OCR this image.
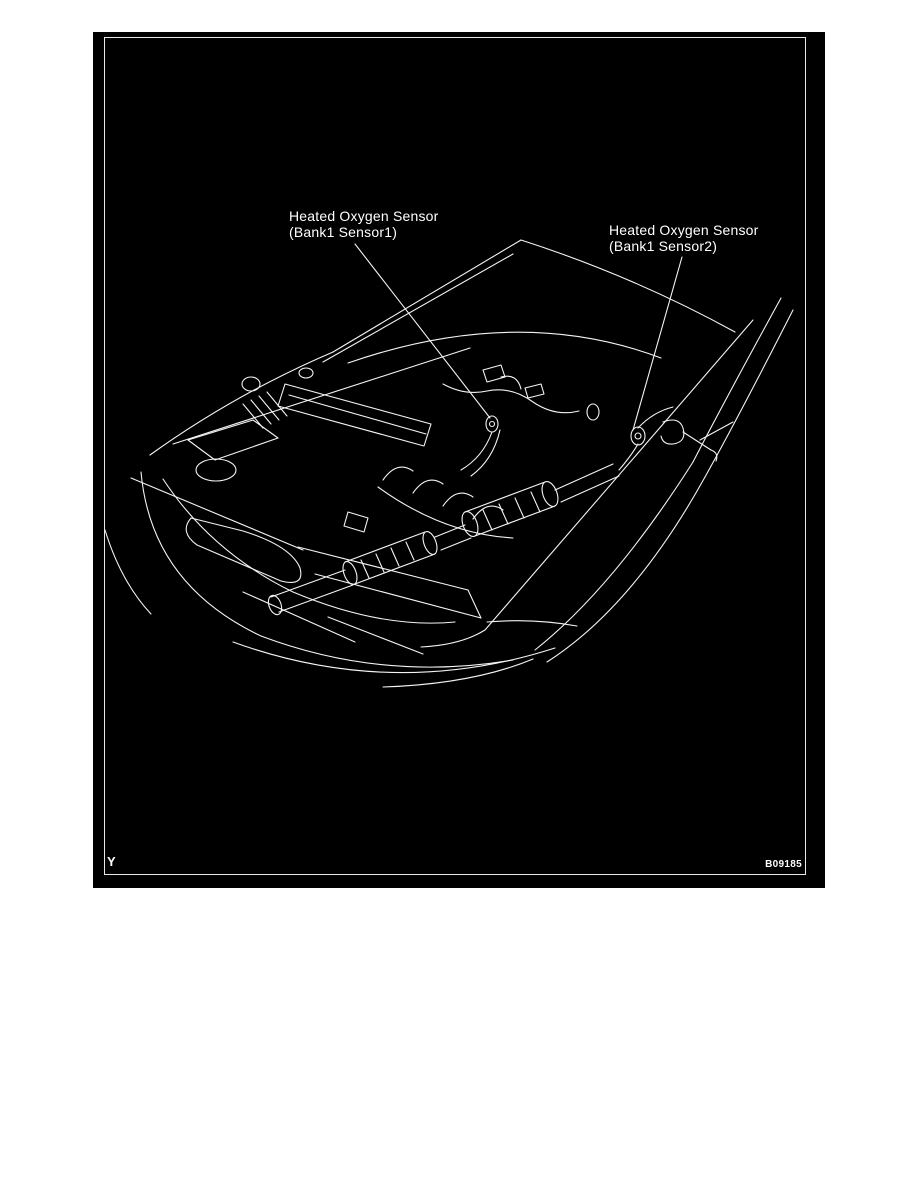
Heated Oxygen Sensor
(Bank1 Sensor1)	Heated Oxygen Sensor
(Bank1 Sensor2)
Y	B09185
